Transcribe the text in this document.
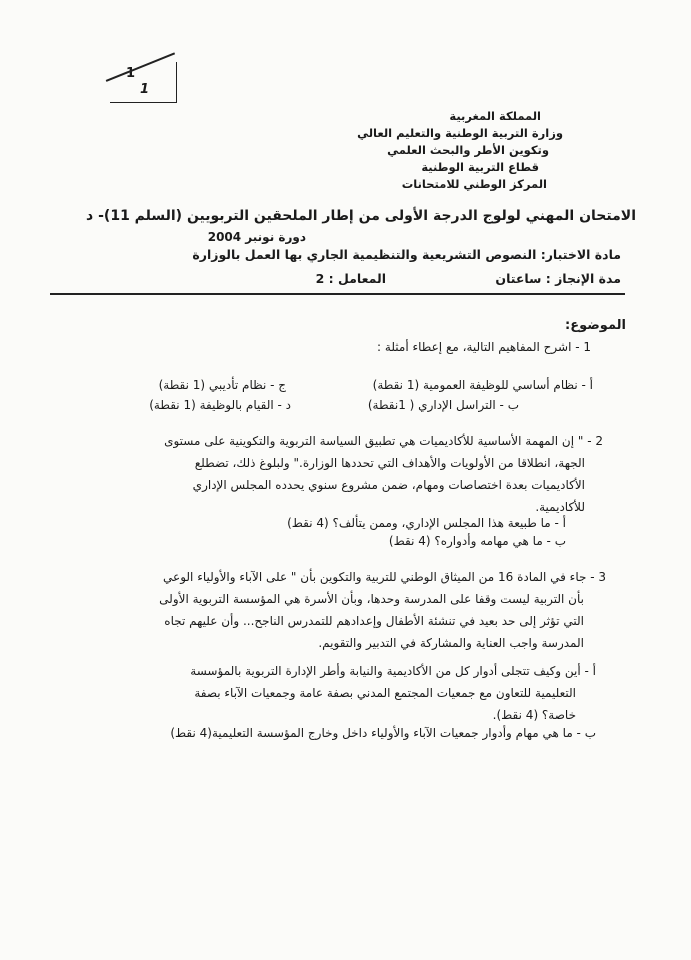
1
1
المملكة المغربية
وزارة التربية الوطنية والتعليم العالي
وتكوين الأطر والبحث العلمي
قطاع التربية الوطنية
المركز الوطني للامتحانات
الامتحان المهني لولوج الدرجة الأولى من إطار الملحقين التربويين (السلم 11)- د
دورة نونبر 2004
مادة الاختبار: النصوص التشريعية والتنظيمية الجاري بها العمل بالوزارة
مدة الإنجاز : ساعتان
المعامل : 2
الموضوع:
1 - اشرح المفاهيم التالية، مع إعطاء أمثلة :
أ - نظام أساسي للوظيفة العمومية (1 نقطة)
ج - نظام تأديبي (1 نقطة)
ب - التراسل الإداري ( 1نقطة)
د - القيام بالوظيفة (1 نقطة)
2 - " إن المهمة الأساسية للأكاديميات هي تطبيق السياسة التربوية والتكوينية على مستوى
الجهة، انطلاقا من الأولويات والأهداف التي تحددها الوزارة." ولبلوغ ذلك، تضطلع
الأكاديميات بعدة اختصاصات ومهام، ضمن مشروع سنوي يحدده المجلس الإداري
للأكاديمية.
أ - ما طبيعة هذا المجلس الإداري، وممن يتألف؟ (4 نقط)
ب - ما هي مهامه وأدواره؟ (4 نقط)
3 - جاء في المادة 16 من الميثاق الوطني للتربية والتكوين بأن " على الآباء والأولياء الوعي
بأن التربية ليست وقفا على المدرسة وحدها، وبأن الأسرة هي المؤسسة التربوية الأولى
التي تؤثر إلى حد بعيد في تنشئة الأطفال وإعدادهم للتمدرس الناجح... وأن عليهم تجاه
المدرسة واجب العناية والمشاركة في التدبير والتقويم.
أ - أين وكيف تتجلى أدوار كل من الأكاديمية والنيابة وأطر الإدارة التربوية بالمؤسسة
التعليمية للتعاون مع جمعيات المجتمع المدني بصفة عامة وجمعيات الآباء بصفة
خاصة؟ (4 نقط).
ب - ما هي مهام وأدوار جمعيات الآباء والأولياء داخل وخارج المؤسسة التعليمية(4 نقط)
